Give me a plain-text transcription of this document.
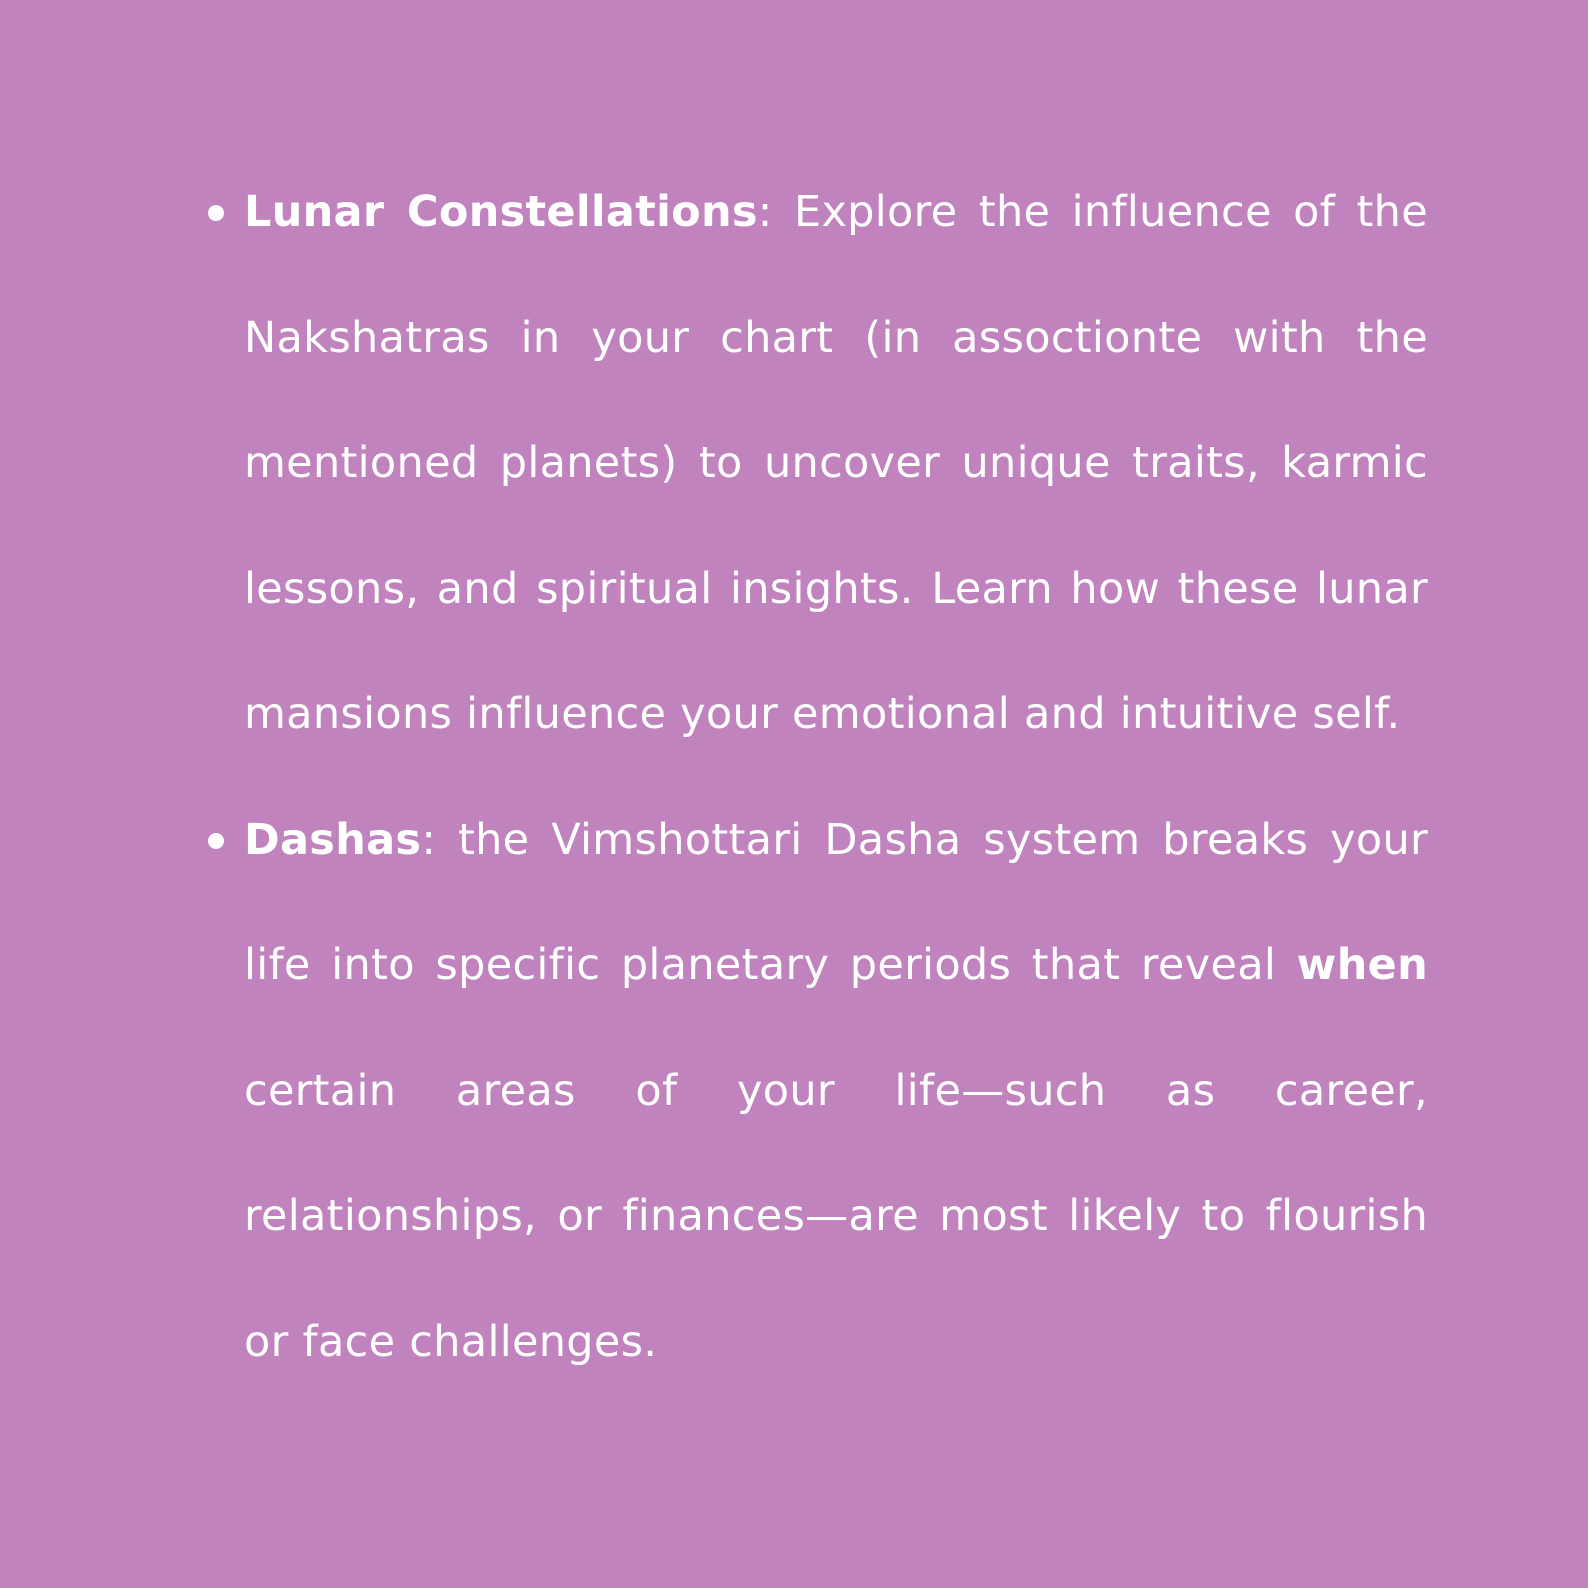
Lunar Constellations: Explore the influence of the Nakshatras in your chart (in assoctionte with the mentioned planets) to uncover unique traits, karmic lessons, and spiritual insights. Learn how these lunar mansions influence your emotional and intuitive self.
Dashas: the Vimshottari Dasha system breaks your life into specific planetary periods that reveal when certain areas of your life—such as career, relationships, or finances—are most likely to flourish or face challenges.
